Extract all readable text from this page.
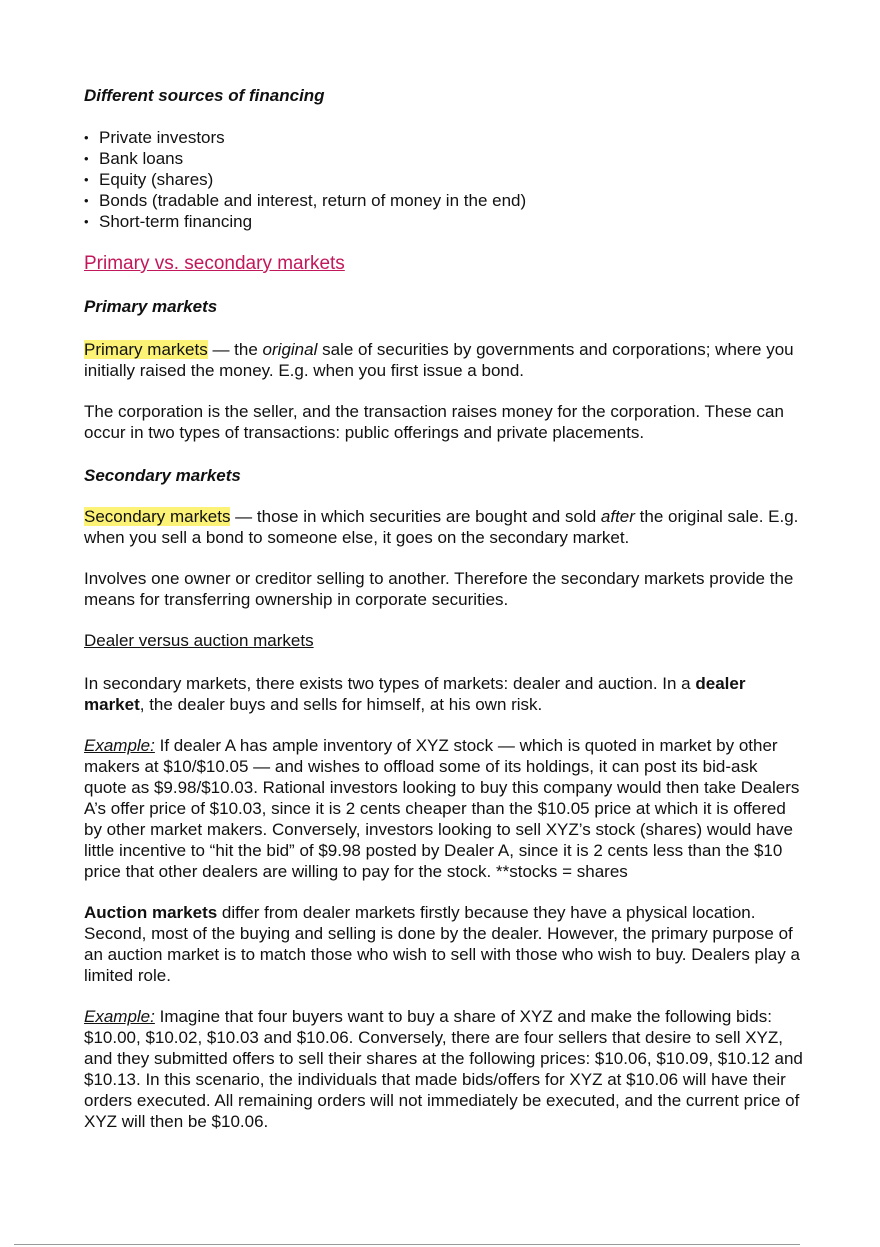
Different sources of financing
• Private investors
• Bank loans
• Equity (shares)
• Bonds (tradable and interest, return of money in the end)
• Short-term financing

Primary vs. secondary markets

Primary markets

Primary markets — the original sale of securities by governments and corporations; where you initially raised the money. E.g. when you first issue a bond.

The corporation is the seller, and the transaction raises money for the corporation. These can occur in two types of transactions: public offerings and private placements.

Secondary markets

Secondary markets — those in which securities are bought and sold after the original sale. E.g. when you sell a bond to someone else, it goes on the secondary market.

Involves one owner or creditor selling to another. Therefore the secondary markets provide the means for transferring ownership in corporate securities.

Dealer versus auction markets

In secondary markets, there exists two types of markets: dealer and auction. In a dealer market, the dealer buys and sells for himself, at his own risk.

Example: If dealer A has ample inventory of XYZ stock — which is quoted in market by other makers at $10/$10.05 — and wishes to offload some of its holdings, it can post its bid-ask quote as $9.98/$10.03. Rational investors looking to buy this company would then take Dealers A’s offer price of $10.03, since it is 2 cents cheaper than the $10.05 price at which it is offered by other market makers. Conversely, investors looking to sell XYZ’s stock (shares) would have little incentive to “hit the bid” of $9.98 posted by Dealer A, since it is 2 cents less than the $10 price that other dealers are willing to pay for the stock. **stocks = shares

Auction markets differ from dealer markets firstly because they have a physical location. Second, most of the buying and selling is done by the dealer. However, the primary purpose of an auction market is to match those who wish to sell with those who wish to buy. Dealers play a limited role.

Example: Imagine that four buyers want to buy a share of XYZ and make the following bids: $10.00, $10.02, $10.03 and $10.06. Conversely, there are four sellers that desire to sell XYZ, and they submitted offers to sell their shares at the following prices: $10.06, $10.09, $10.12 and $10.13. In this scenario, the individuals that made bids/offers for XYZ at $10.06 will have their orders executed. All remaining orders will not immediately be executed, and the current price of XYZ will then be $10.06.
